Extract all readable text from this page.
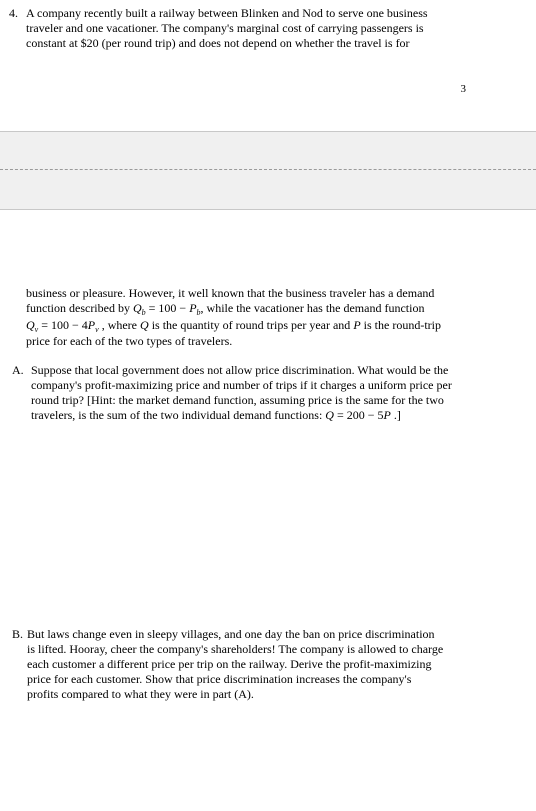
4. A company recently built a railway between Blinken and Nod to serve one business
traveler and one vacationer. The company's marginal cost of carrying passengers is
constant at $20 (per round trip) and does not depend on whether the travel is for
3
business or pleasure. However, it well known that the business traveler has a demand
function described by $Q_b = 100 - P_b$, while the vacationer has the demand function
$Q_v = 100 - 4P_v$ , where Q is the quantity of round trips per year and P is the round-trip
price for each of the two types of travelers.
A. Suppose that local government does not allow price discrimination. What would be the
company's profit-maximizing price and number of trips if it charges a uniform price per
round trip? [Hint: the market demand function, assuming price is the same for the two
travelers, is the sum of the two individual demand functions: Q = 200 − 5P .]
B. But laws change even in sleepy villages, and one day the ban on price discrimination
is lifted. Hooray, cheer the company's shareholders! The company is allowed to charge
each customer a different price per trip on the railway. Derive the profit-maximizing
price for each customer. Show that price discrimination increases the company's
profits compared to what they were in part (A).
